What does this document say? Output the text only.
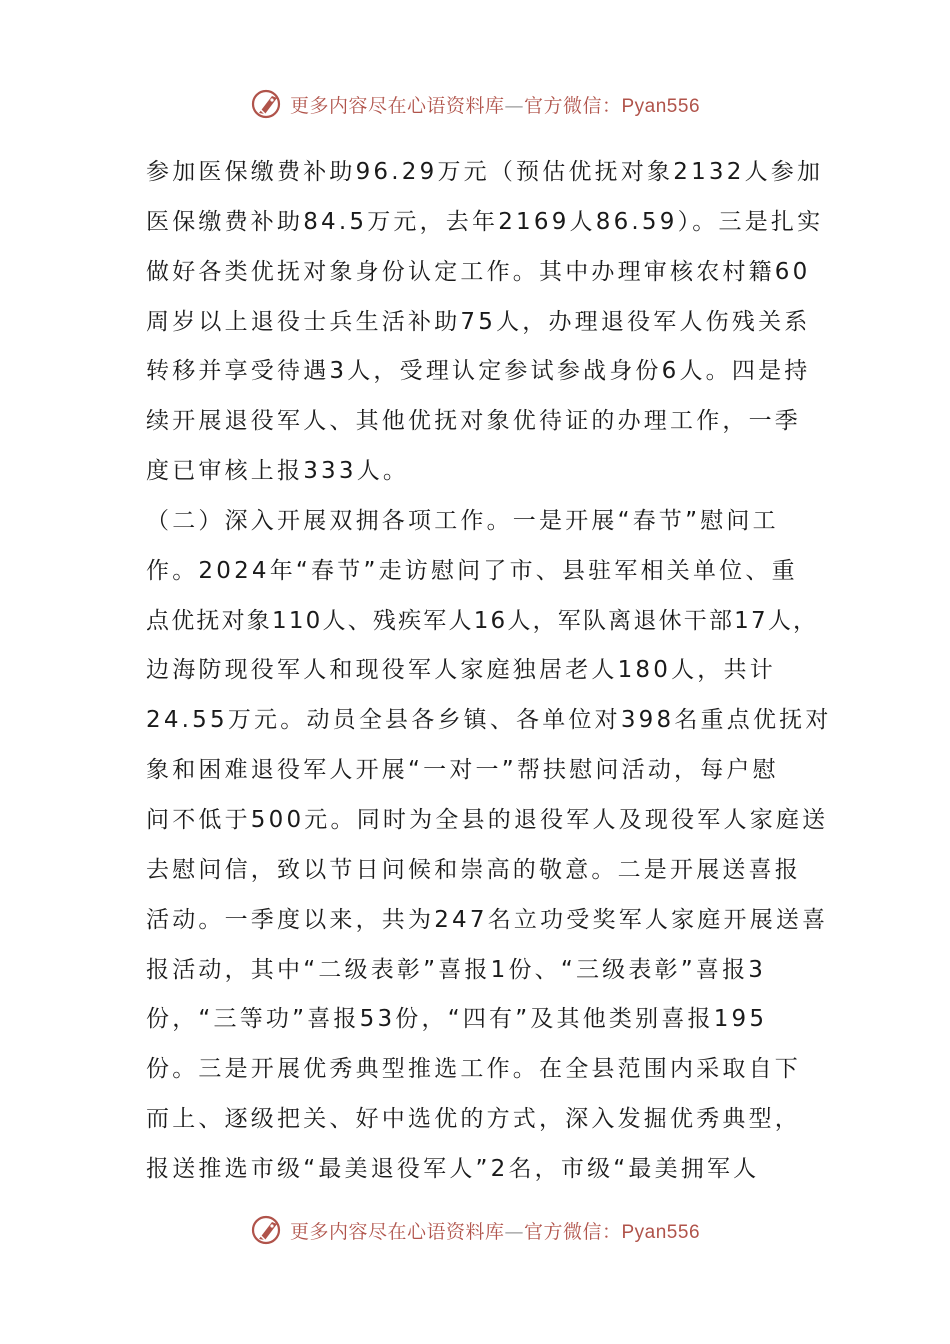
更多内容尽在心语资料库—官方微信：Pyan556
参加医保缴费补助96.29万元（预估优抚对象2132人参加
医保缴费补助84.5万元，去年2169人86.59）。三是扎实
做好各类优抚对象身份认定工作。其中办理审核农村籍60
周岁以上退役士兵生活补助75人，办理退役军人伤残关系
转移并享受待遇3人，受理认定参试参战身份6人。四是持
续开展退役军人、其他优抚对象优待证的办理工作，一季
度已审核上报333人。
（二）深入开展双拥各项工作。一是开展“春节”慰问工
作。2024年“春节”走访慰问了市、县驻军相关单位、重
点优抚对象110人、残疾军人16人，军队离退休干部17人，
边海防现役军人和现役军人家庭独居老人180人，共计
24.55万元。动员全县各乡镇、各单位对398名重点优抚对
象和困难退役军人开展“一对一”帮扶慰问活动，每户慰
问不低于500元。同时为全县的退役军人及现役军人家庭送
去慰问信，致以节日问候和崇高的敬意。二是开展送喜报
活动。一季度以来，共为247名立功受奖军人家庭开展送喜
报活动，其中“二级表彰”喜报1份、“三级表彰”喜报3
份，“三等功”喜报53份，“四有”及其他类别喜报195
份。三是开展优秀典型推选工作。在全县范围内采取自下
而上、逐级把关、好中选优的方式，深入发掘优秀典型，
报送推选市级“最美退役军人”2名，市级“最美拥军人
更多内容尽在心语资料库—官方微信：Pyan556
